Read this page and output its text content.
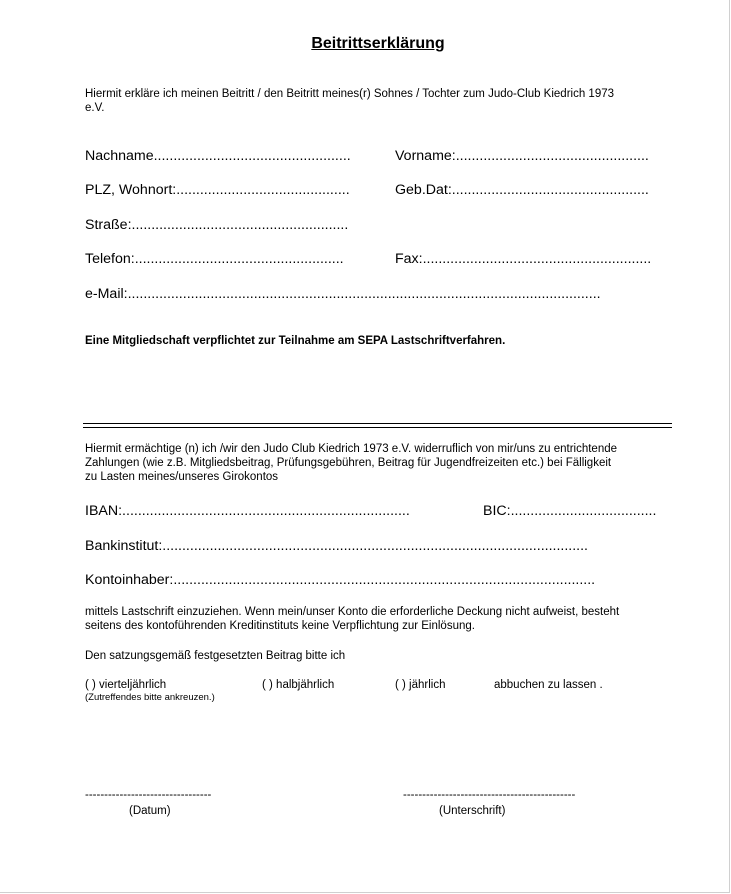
Beitrittserklärung
Hiermit erkläre ich meinen Beitritt / den Beitritt meines(r) Sohnes / Tochter zum Judo-Club Kiedrich 1973
e.V.
Nachname..................................................	Vorname:.................................................
PLZ, Wohnort:............................................	Geb.Dat:..................................................
Straße:.......................................................
Telefon:.....................................................	Fax:..........................................................
e-Mail:........................................................................................................................
Eine Mitgliedschaft verpflichtet zur Teilnahme am SEPA Lastschriftverfahren.
Hiermit ermächtige (n) ich /wir den Judo Club Kiedrich 1973 e.V. widerruflich von mir/uns zu entrichtende
Zahlungen (wie z.B. Mitgliedsbeitrag, Prüfungsgebühren, Beitrag für Jugendfreizeiten etc.) bei Fälligkeit
zu Lasten meines/unseres Girokontos
IBAN:.........................................................................	BIC:.....................................
Bankinstitut:............................................................................................................
Kontoinhaber:...........................................................................................................
mittels Lastschrift einzuziehen. Wenn mein/unser Konto die erforderliche Deckung nicht aufweist, besteht
seitens des kontoführenden Kreditinstituts keine Verpflichtung zur Einlösung.
Den satzungsgemäß festgesetzten Beitrag bitte ich
( ) vierteljährlich	( ) halbjährlich	( ) jährlich	abbuchen zu lassen .
(Zutreffendes bitte ankreuzen.)
---------------------------------
(Datum)
---------------------------------------------
(Unterschrift)
